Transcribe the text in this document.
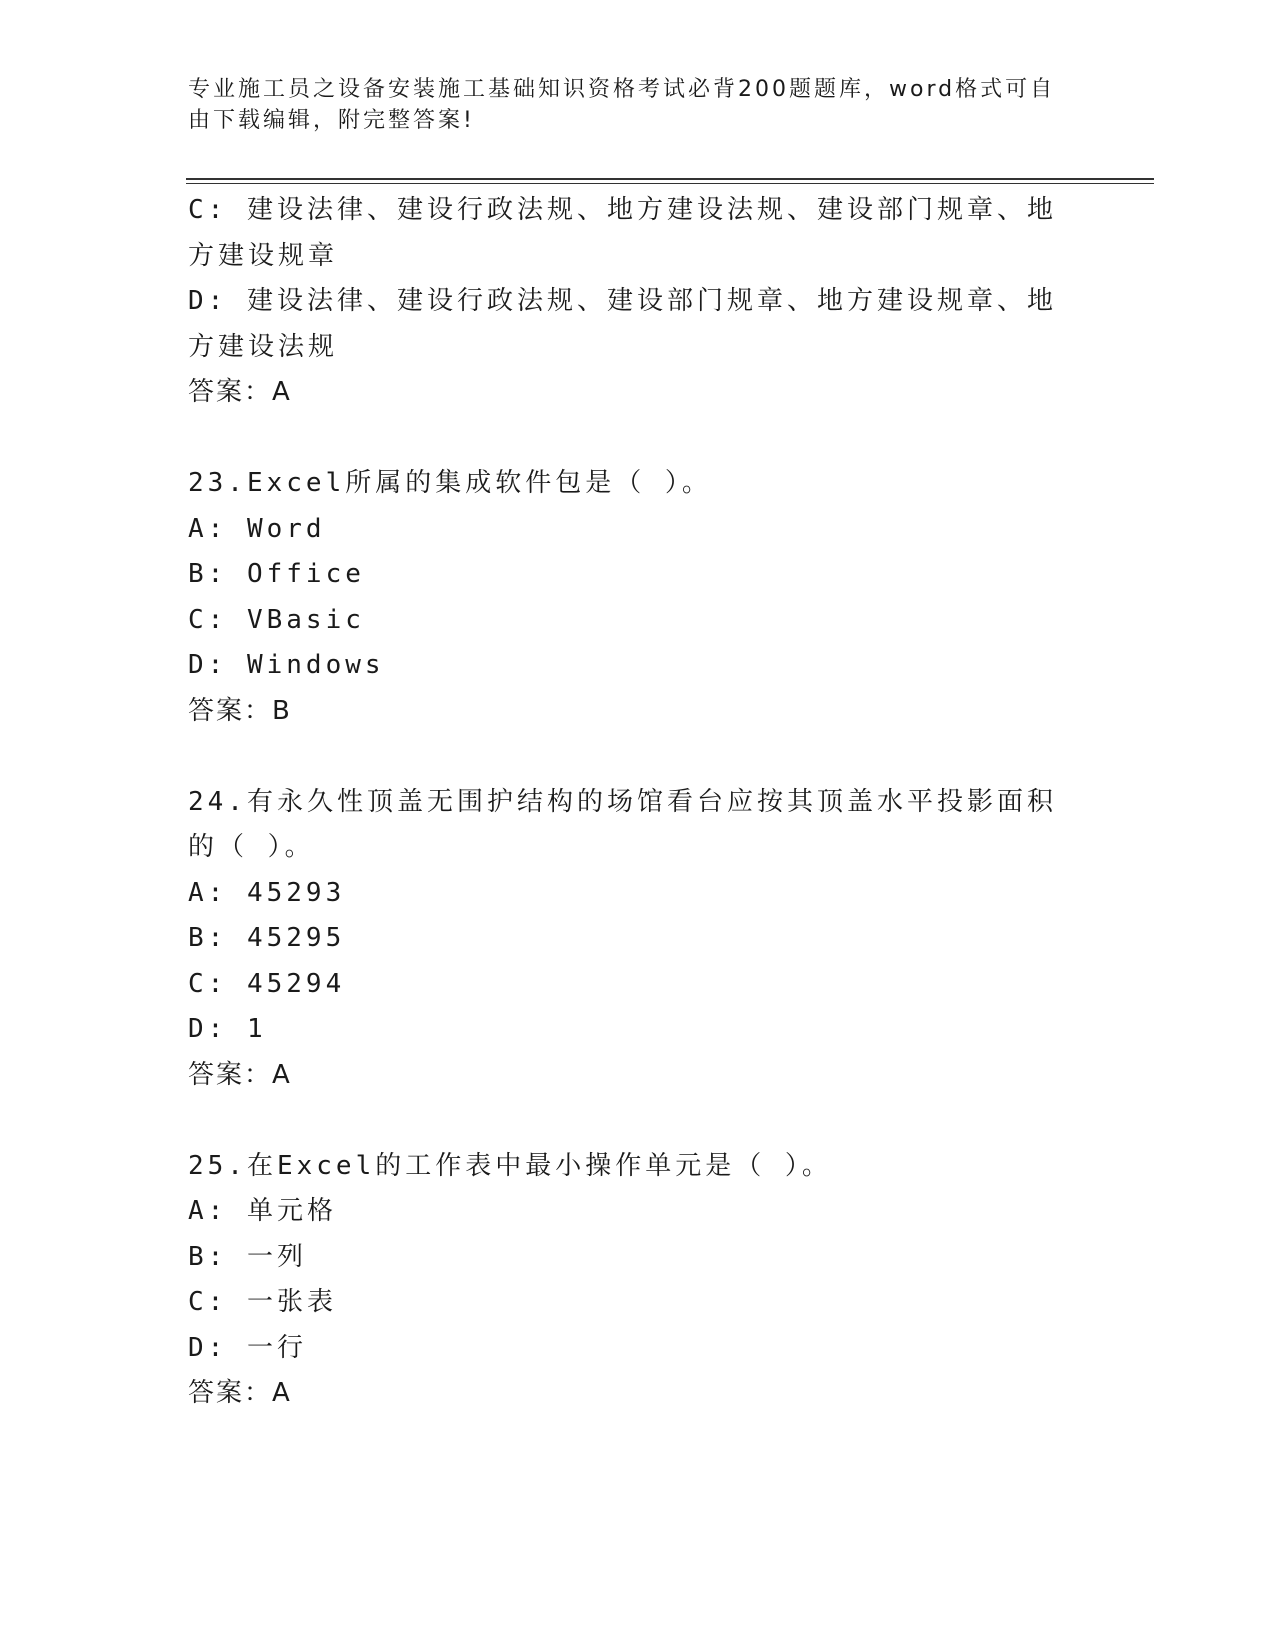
专业施工员之设备安装施工基础知识资格考试必背200题题库，word格式可自由下载编辑，附完整答案!
C: 建设法律、建设行政法规、地方建设法规、建设部门规章、地方建设规章
D: 建设法律、建设行政法规、建设部门规章、地方建设规章、地方建设法规
答案：A
23.Excel所属的集成软件包是（ ）。
A: Word
B: Office
C: VBasic
D: Windows
答案：B
24.有永久性顶盖无围护结构的场馆看台应按其顶盖水平投影面积的（ ）。
A: 45293
B: 45295
C: 45294
D: 1
答案：A
25.在Excel的工作表中最小操作单元是（ ）。
A: 单元格
B: 一列
C: 一张表
D: 一行
答案：A
